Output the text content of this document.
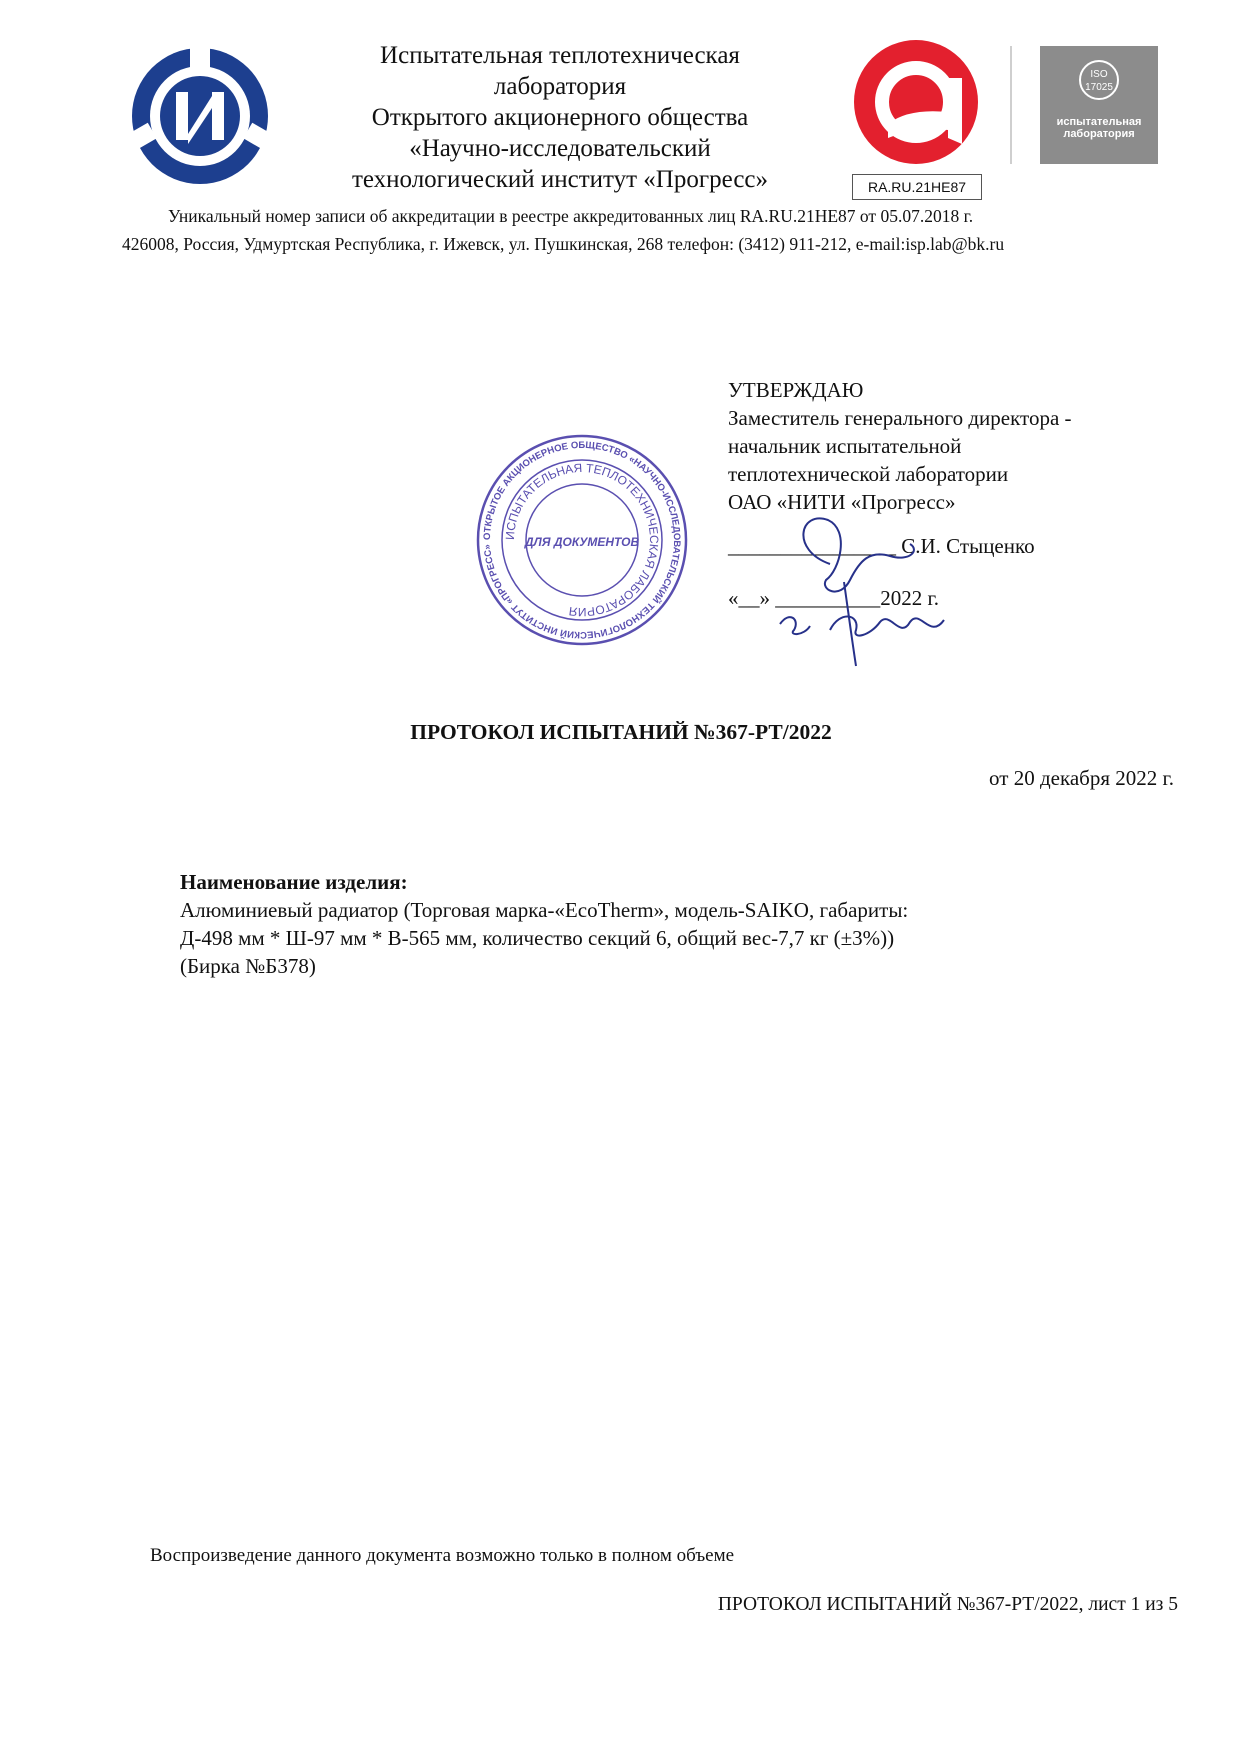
Испытательная теплотехническая
лаборатория
Открытого акционерного общества
«Научно-исследовательский
технологический институт «Прогресс»	RA.RU.21НЕ87
ISO
17025
испытательная
лаборатория
Уникальный номер записи об аккредитации в реестре аккредитованных лиц RA.RU.21НЕ87 от 05.07.2018 г.
426008, Россия, Удмуртская Республика, г. Ижевск, ул. Пушкинская, 268 телефон: (3412) 911-212, e-mail:isp.lab@bk.ru
ОТКРЫТОЕ АКЦИОНЕРНОЕ ОБЩЕСТВО «НАУЧНО-ИССЛЕДОВАТЕЛЬСКИЙ ТЕХНОЛОГИЧЕСКИЙ ИНСТИТУТ «ПРОГРЕСС»
ИСПЫТАТЕЛЬНАЯ ТЕПЛОТЕХНИЧЕСКАЯ ЛАБОРАТОРИЯ
ДЛЯ ДОКУМЕНТОВ
УТВЕРЖДАЮ
Заместитель генерального директора -
начальник испытательной
теплотехнической лаборатории
ОАО «НИТИ «Прогресс»
________________ С.И. Стыценко
«__» __________2022 г.
ПРОТОКОЛ ИСПЫТАНИЙ №367-РТ/2022
от 20 декабря 2022 г.
Наименование изделия:
Алюминиевый радиатор (Торговая марка-«EcoTherm», модель-SAIKO, габариты:
Д-498 мм * Ш-97 мм * В-565 мм, количество секций 6, общий вес-7,7 кг (±3%))
(Бирка №Б378)
Воспроизведение данного документа возможно только в полном объеме
ПРОТОКОЛ ИСПЫТАНИЙ №367-РТ/2022, лист 1 из 5
